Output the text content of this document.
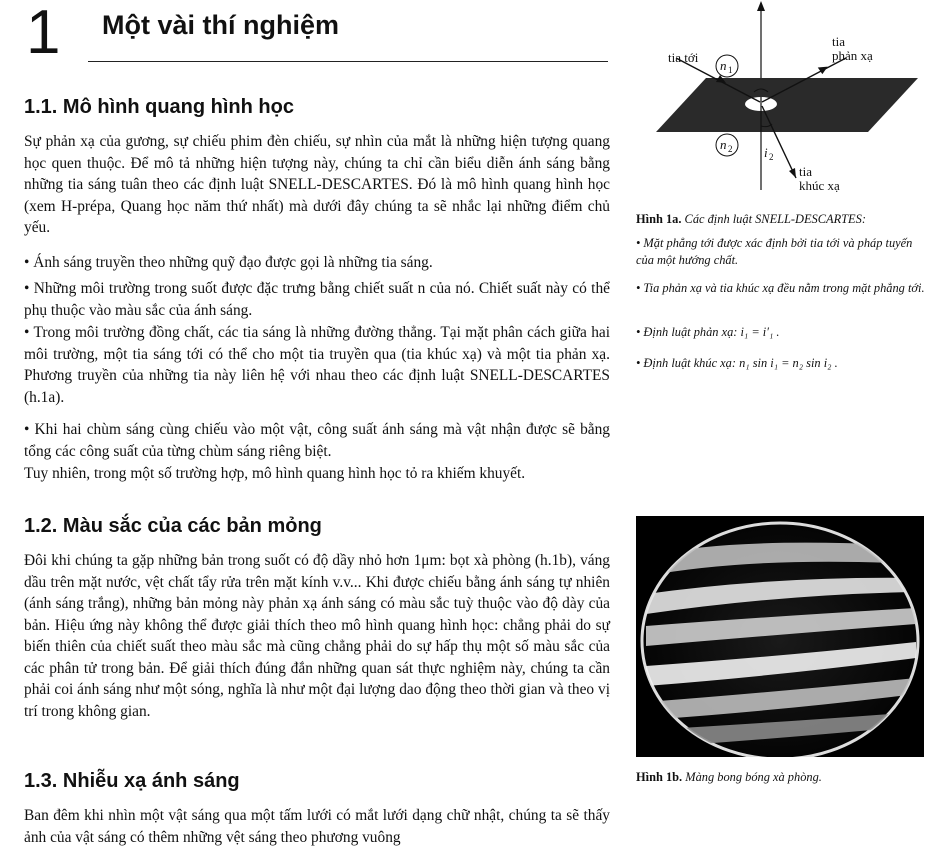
1 Một vài thí nghiệm
1.1. Mô hình quang hình học

Sự phản xạ của gương, sự chiếu phim đèn chiếu, sự nhìn của mắt là những hiện tượng quang học quen thuộc. Để mô tả những hiện tượng này, chúng ta chỉ cần biểu diễn ánh sáng bằng những tia sáng tuân theo các định luật SNELL-DESCARTES. Đó là mô hình quang hình học (xem H-prépa, Quang học năm thứ nhất) mà dưới đây chúng ta sẽ nhắc lại những điểm chủ yếu.

• Ánh sáng truyền theo những quỹ đạo được gọi là những tia sáng.

• Những môi trường trong suốt được đặc trưng bằng chiết suất n của nó. Chiết suất này có thể phụ thuộc vào màu sắc của ánh sáng.

• Trong môi trường đồng chất, các tia sáng là những đường thẳng. Tại mặt phân cách giữa hai môi trường, một tia sáng tới có thể cho một tia truyền qua (tia khúc xạ) và một tia phản xạ. Phương truyền của những tia này liên hệ với nhau theo các định luật SNELL-DESCARTES (h.1a).

• Khi hai chùm sáng cùng chiếu vào một vật, công suất ánh sáng mà vật nhận được sẽ bằng tổng các công suất của từng chùm sáng riêng biệt.

Tuy nhiên, trong một số trường hợp, mô hình quang hình học tỏ ra khiếm khuyết.

1.2. Màu sắc của các bản mỏng

Đôi khi chúng ta gặp những bản trong suốt có độ dầy nhỏ hơn 1μm: bọt xà phòng (h.1b), váng dầu trên mặt nước, vệt chất tẩy rửa trên mặt kính v.v... Khi được chiếu bằng ánh sáng tự nhiên (ánh sáng trắng), những bản mỏng này phản xạ ánh sáng có màu sắc tuỳ thuộc vào độ dày của bản. Hiệu ứng này không thể được giải thích theo mô hình quang hình học: chẳng phải do sự biến thiên của chiết suất theo màu sắc mà cũng chẳng phải do sự hấp thụ một số màu sắc của các phân tử trong bản. Để giải thích đúng đắn những quan sát thực nghiệm này, chúng ta cần phải coi ánh sáng như một sóng, nghĩa là như một đại lượng dao động theo thời gian và theo vị trí trong không gian.

1.3. Nhiễu xạ ánh sáng

Ban đêm khi nhìn một vật sáng qua một tấm lưới có mắt lưới dạng chữ nhật, chúng ta sẽ thấy ảnh của vật sáng có thêm những vệt sáng theo phương vuông

tia tới
n 1
tia
phản xạ
n 2 i 2
tia
khúc xạ
Hình 1a. Các định luật SNELL-DESCARTES:
• Mặt phẳng tới được xác định bởi tia tới và pháp tuyến của một hướng chất.
• Tia phản xạ và tia khúc xạ đều nằm trong mặt phẳng tới.
• Định luật phản xạ: i₁ = i′₁ .
• Định luật khúc xạ: n₁ sin i₁ = n₂ sin i₂ .
Hình 1b. Màng bong bóng xà phòng.
